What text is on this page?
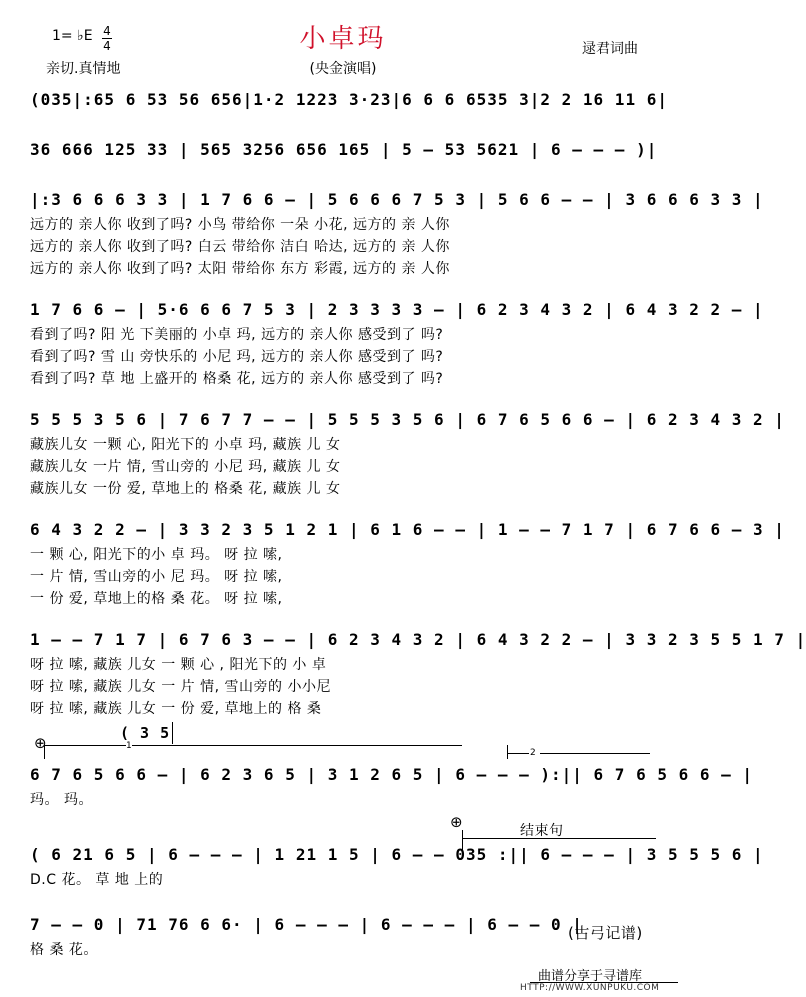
小卓玛
1= ♭E 4
4
亲切.真情地	(央金演唱)
逯君词曲
(035|:65 6 53 56 656|1·2 1223 3·23|6 6 6 6535 3|2 2 16 11 6|
36 666 125 33 | 565 3256 656 165 | 5 – 53 5621 | 6 – – – )|
|:3 6 6 6 3 3 | 1 7 6 6 – | 5 6 6 6 7 5 3 | 5 6 6 – – | 3 6 6 6 3 3 |
远方的 亲人你 收到了吗? 小鸟 带给你 一朵 小花, 远方的 亲 人你
远方的 亲人你 收到了吗? 白云 带给你 洁白 哈达, 远方的 亲 人你
远方的 亲人你 收到了吗? 太阳 带给你 东方 彩霞, 远方的 亲 人你
1 7 6 6 – | 5·6 6 6 7 5 3 | 2 3 3 3 3 – | 6 2 3 4 3 2 | 6 4 3 2 2 – |
看到了吗? 阳 光 下美丽的 小卓 玛, 远方的 亲人你 感受到了 吗?
看到了吗? 雪 山 旁快乐的 小尼 玛, 远方的 亲人你 感受到了 吗?
看到了吗? 草 地 上盛开的 格桑 花, 远方的 亲人你 感受到了 吗?
5 5 5 3 5 6 | 7 6 7 7 – – | 5 5 5 3 5 6 | 6 7 6 5 6 6 – | 6 2 3 4 3 2 |
藏族儿女 一颗 心, 阳光下的 小卓 玛, 藏族 儿 女
藏族儿女 一片 情, 雪山旁的 小尼 玛, 藏族 儿 女
藏族儿女 一份 爱, 草地上的 格桑 花, 藏族 儿 女
6 4 3 2 2 – | 3 3 2 3 5 1 2 1 | 6 1 6 – – | 1 – – 7 1 7 | 6 7 6 6 – 3 |
一 颗 心, 阳光下的小 卓 玛。 呀 拉 嗦,
一 片 情, 雪山旁的小 尼 玛。 呀 拉 嗦,
一 份 爱, 草地上的格 桑 花。 呀 拉 嗦,
1 – – 7 1 7 | 6 7 6 3 – – | 6 2 3 4 3 2 | 6 4 3 2 2 – | 3 3 2 3 5 5 1 7 |
呀 拉 嗦, 藏族 儿女 一 颗 心 , 阳光下的 小 卓
呀 拉 嗦, 藏族 儿女 一 片 情, 雪山旁的 小小尼
呀 拉 嗦, 藏族 儿女 一 份 爱, 草地上的 格 桑
6 7 6 5 6 6 – | 6 2 3 6 5 | 3 1 2 6 5 | 6 – – – ):|| 6 7 6 5 6 6 – |
玛。 玛。
( 6 21 6 5 | 6 – – – | 1 21 1 5 | 6 – – 035 :|| 6 – – – | 3 5 5 5 6 |
D.C 花。 草 地 上的
7 – – 0 | 71 76 6 6· | 6 – – – | 6 – – – | 6 – – 0 |
格 桑 花。
( 3 5
⊕	1
2
⊕	结束句
(古弓记谱)
曲谱分享于寻谱库
HTTP://WWW.XUNPUKU.COM
